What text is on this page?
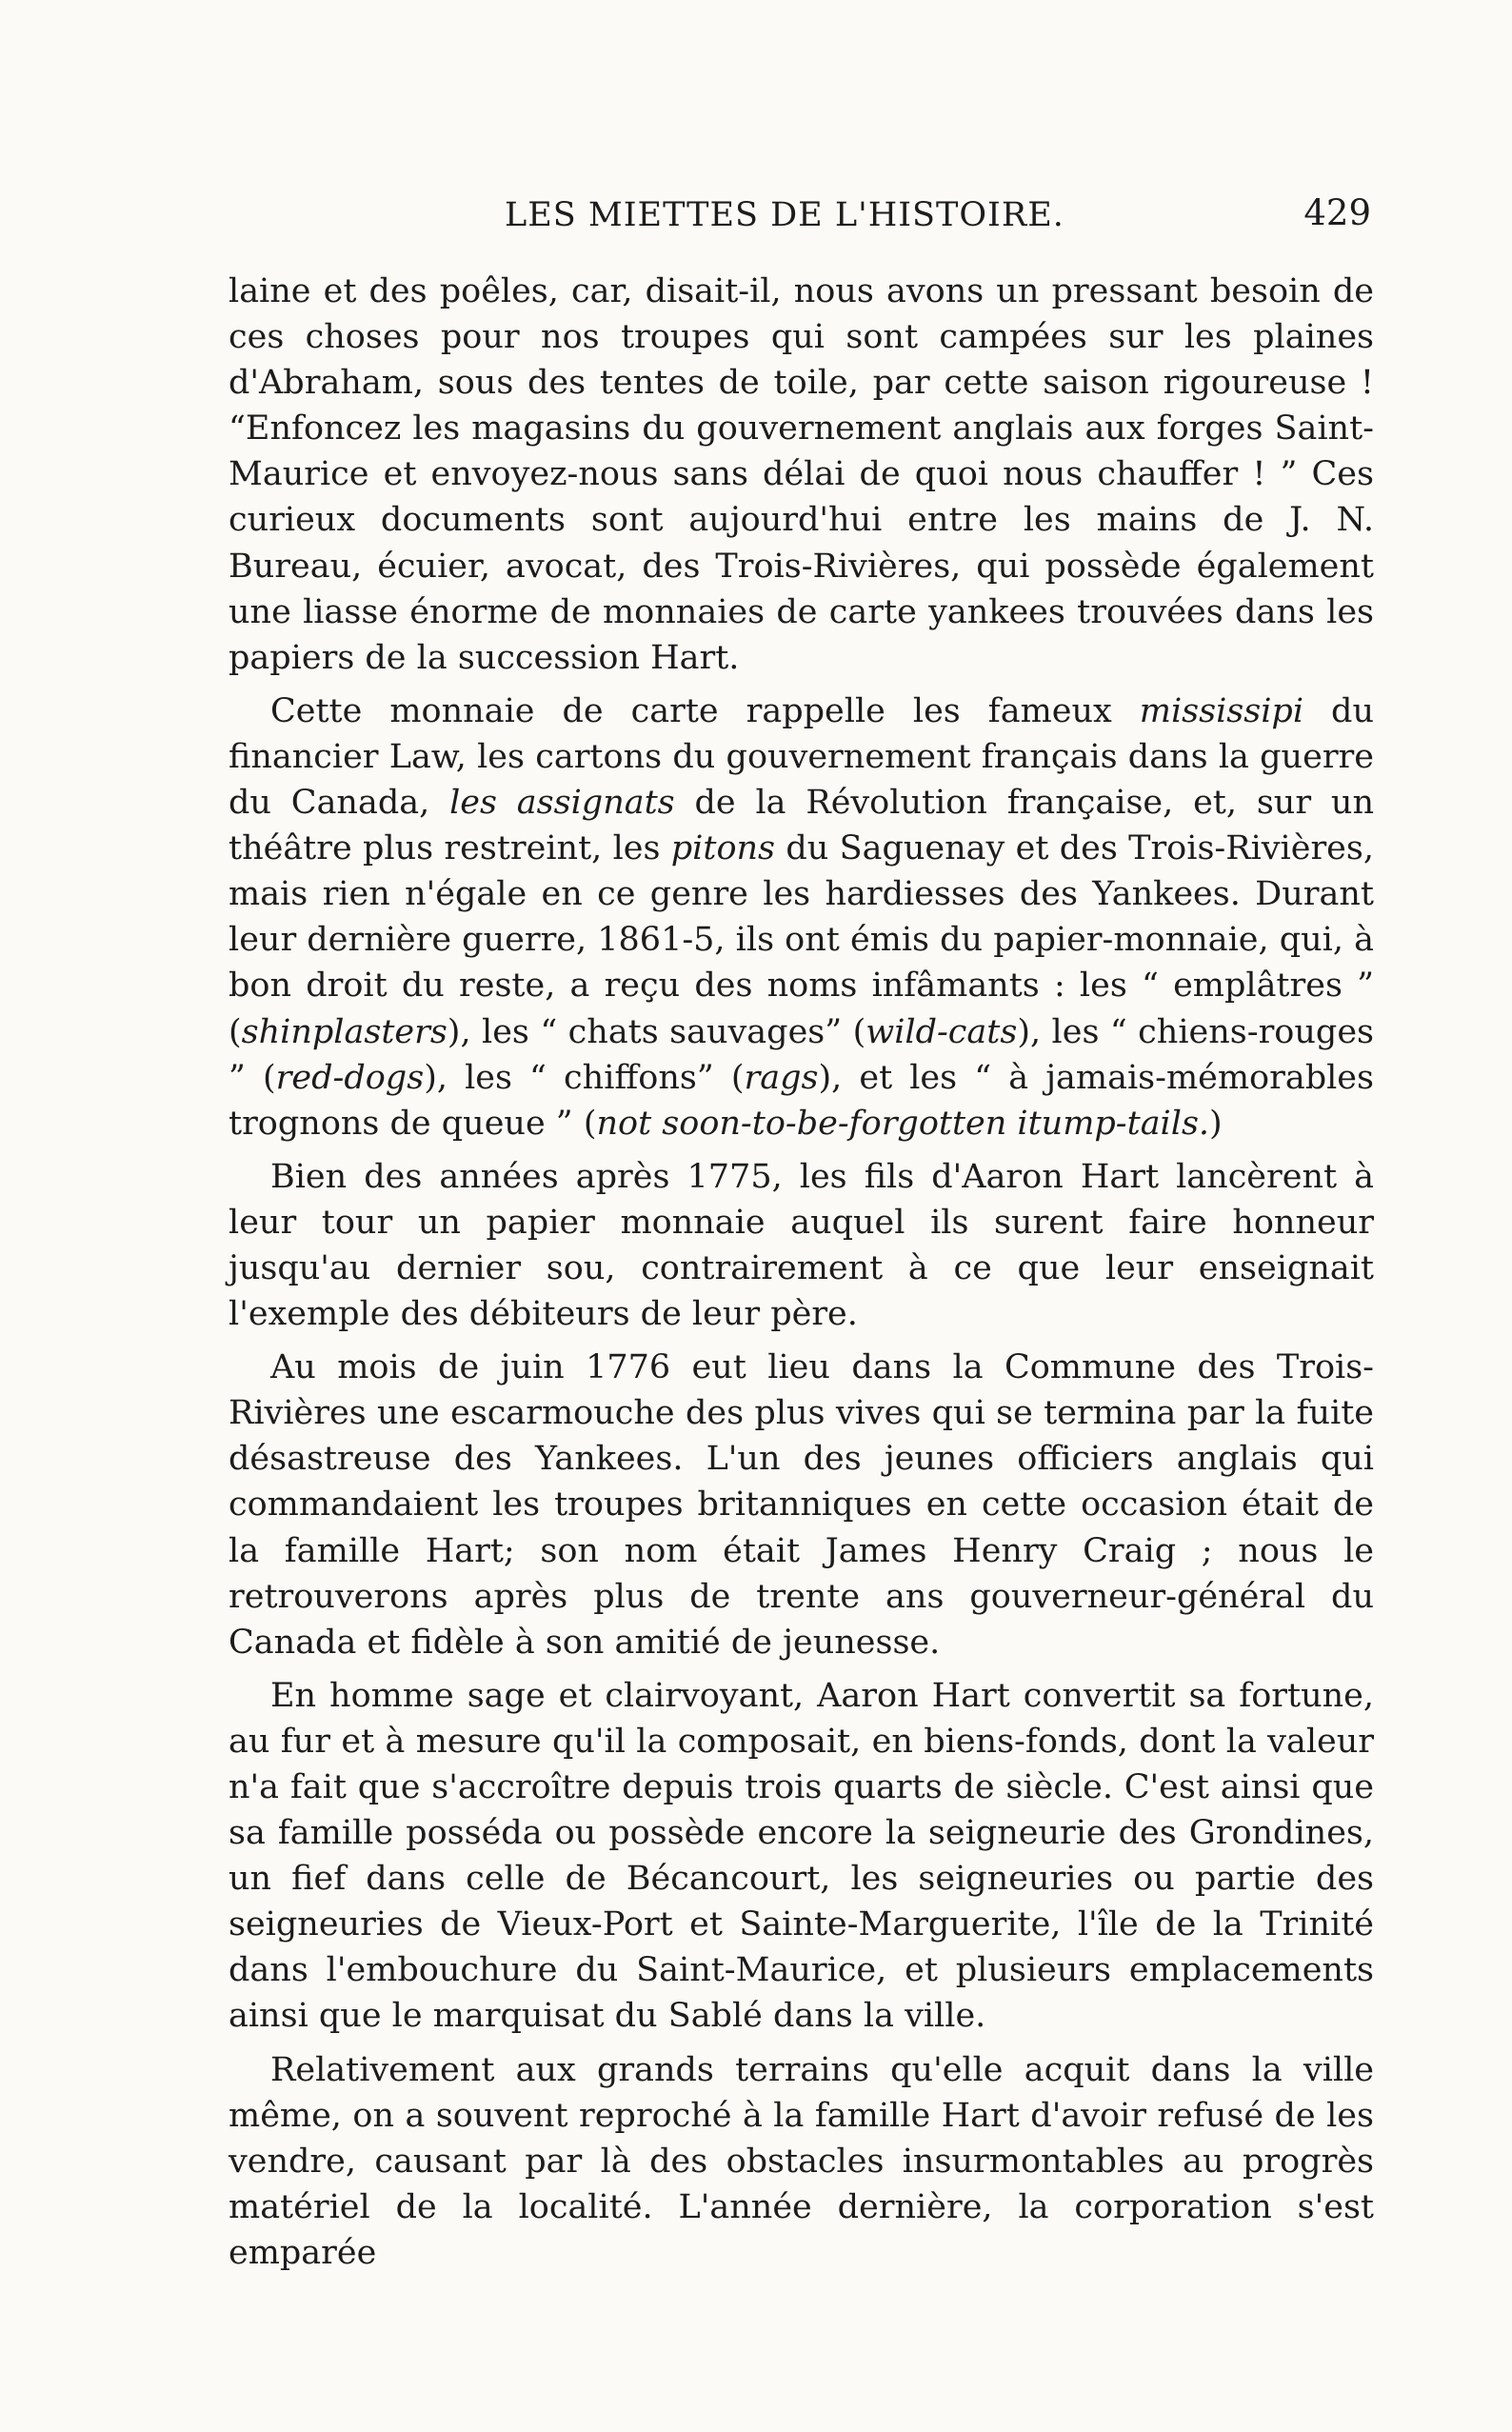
LES MIETTES DE L'HISTOIRE.	429

laine et des poêles, car, disait-il, nous avons un pressant besoin de ces choses pour nos troupes qui sont campées sur les plaines d'Abraham, sous des tentes de toile, par cette saison rigoureuse ! “Enfoncez les magasins du gouvernement anglais aux forges Saint-Maurice et envoyez-nous sans délai de quoi nous chauffer ! ” Ces curieux documents sont aujourd'hui entre les mains de J. N. Bureau, écuier, avocat, des Trois-Rivières, qui possède également une liasse énorme de monnaies de carte yankees trouvées dans les papiers de la succession Hart.

Cette monnaie de carte rappelle les fameux mississipi du financier Law, les cartons du gouvernement français dans la guerre du Canada, les assignats de la Révolution française, et, sur un théâtre plus restreint, les pitons du Saguenay et des Trois-Rivières, mais rien n'égale en ce genre les hardiesses des Yankees. Durant leur dernière guerre, 1861-5, ils ont émis du papier-monnaie, qui, à bon droit du reste, a reçu des noms infâmants : les “ emplâtres ” (shinplasters), les “ chats sauvages” (wild-cats), les “ chiens-rouges ” (red-dogs), les “ chiffons” (rags), et les “ à jamais-mémorables trognons de queue ” (not soon-to-be-forgotten itump-tails.)

Bien des années après 1775, les fils d'Aaron Hart lancèrent à leur tour un papier monnaie auquel ils surent faire honneur jusqu'au dernier sou, contrairement à ce que leur enseignait l'exemple des débiteurs de leur père.

Au mois de juin 1776 eut lieu dans la Commune des Trois-Rivières une escarmouche des plus vives qui se termina par la fuite désastreuse des Yankees. L'un des jeunes officiers anglais qui commandaient les troupes britanniques en cette occasion était de la famille Hart; son nom était James Henry Craig ; nous le retrouverons après plus de trente ans gouverneur-général du Canada et fidèle à son amitié de jeunesse.

En homme sage et clairvoyant, Aaron Hart convertit sa fortune, au fur et à mesure qu'il la composait, en biens-fonds, dont la valeur n'a fait que s'accroître depuis trois quarts de siècle. C'est ainsi que sa famille posséda ou possède encore la seigneurie des Grondines, un fief dans celle de Bécancourt, les seigneuries ou partie des seigneuries de Vieux-Port et Sainte-Marguerite, l'île de la Trinité dans l'embouchure du Saint-Maurice, et plusieurs emplacements ainsi que le marquisat du Sablé dans la ville.

Relativement aux grands terrains qu'elle acquit dans la ville même, on a souvent reproché à la famille Hart d'avoir refusé de les vendre, causant par là des obstacles insurmontables au progrès matériel de la localité. L'année dernière, la corporation s'est emparée
